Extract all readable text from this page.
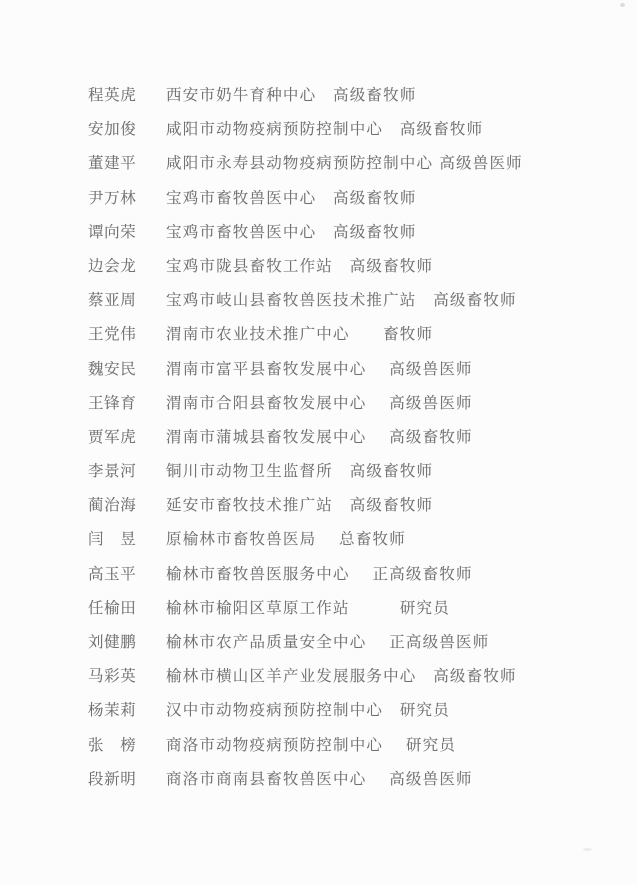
程英虎 西安市奶牛育种中心　 高级畜牧师
安加俊 咸阳市动物疫病预防控制中心　 高级畜牧师
董建平 咸阳市永寿县动物疫病预防控制中心 高级兽医师
尹万林 宝鸡市畜牧兽医中心　 高级畜牧师
谭向荣 宝鸡市畜牧兽医中心　 高级畜牧师
边会龙 宝鸡市陇县畜牧工作站　 高级畜牧师
蔡亚周 宝鸡市岐山县畜牧兽医技术推广站　 高级畜牧师
王党伟 渭南市农业技术推广中心　　 畜牧师
魏安民 渭南市富平县畜牧发展中心　 高级兽医师
王锋育 渭南市合阳县畜牧发展中心　 高级兽医师
贾军虎 渭南市蒲城县畜牧发展中心　 高级畜牧师
李景河 铜川市动物卫生监督所　 高级畜牧师
蔺治海 延安市畜牧技术推广站　 高级畜牧师
闫　昱 原榆林市畜牧兽医局　 总畜牧师
高玉平 榆林市畜牧兽医服务中心　 正高级畜牧师
任榆田 榆林市榆阳区草原工作站　　　	研究员
刘健鹏 榆林市农产品质量安全中心　 正高级兽医师
马彩英 榆林市横山区羊产业发展服务中心　 高级畜牧师
杨茉莉 汉中市动物疫病预防控制中心　 研究员
张　榜 商洛市动物疫病预防控制中心　 研究员
段新明 商洛市商南县畜牧兽医中心　 高级兽医师
